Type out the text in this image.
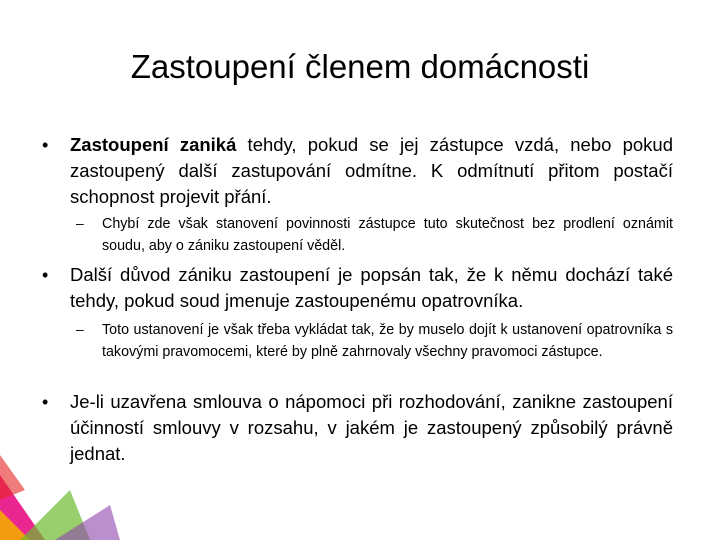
Zastoupení členem domácnosti
• Zastoupení zaniká tehdy, pokud se jej zástupce vzdá, nebo pokud zastoupený další zastupování odmítne. K odmítnutí přitom postačí schopnost projevit přání.
– Chybí zde však stanovení povinnosti zástupce tuto skutečnost bez prodlení oznámit soudu, aby o zániku zastoupení věděl.
• Další důvod zániku zastoupení je popsán tak, že k němu dochází také tehdy, pokud soud jmenuje zastoupenému opatrovníka.
– Toto ustanovení je však třeba vykládat tak, že by muselo dojít k ustanovení opatrovníka s takovými pravomocemi, které by plně zahrnovaly všechny pravomoci zástupce.
• Je-li uzavřena smlouva o nápomoci při rozhodování, zanikne zastoupení účinností smlouvy v rozsahu, v jakém je zastoupený způsobilý právně jednat.
